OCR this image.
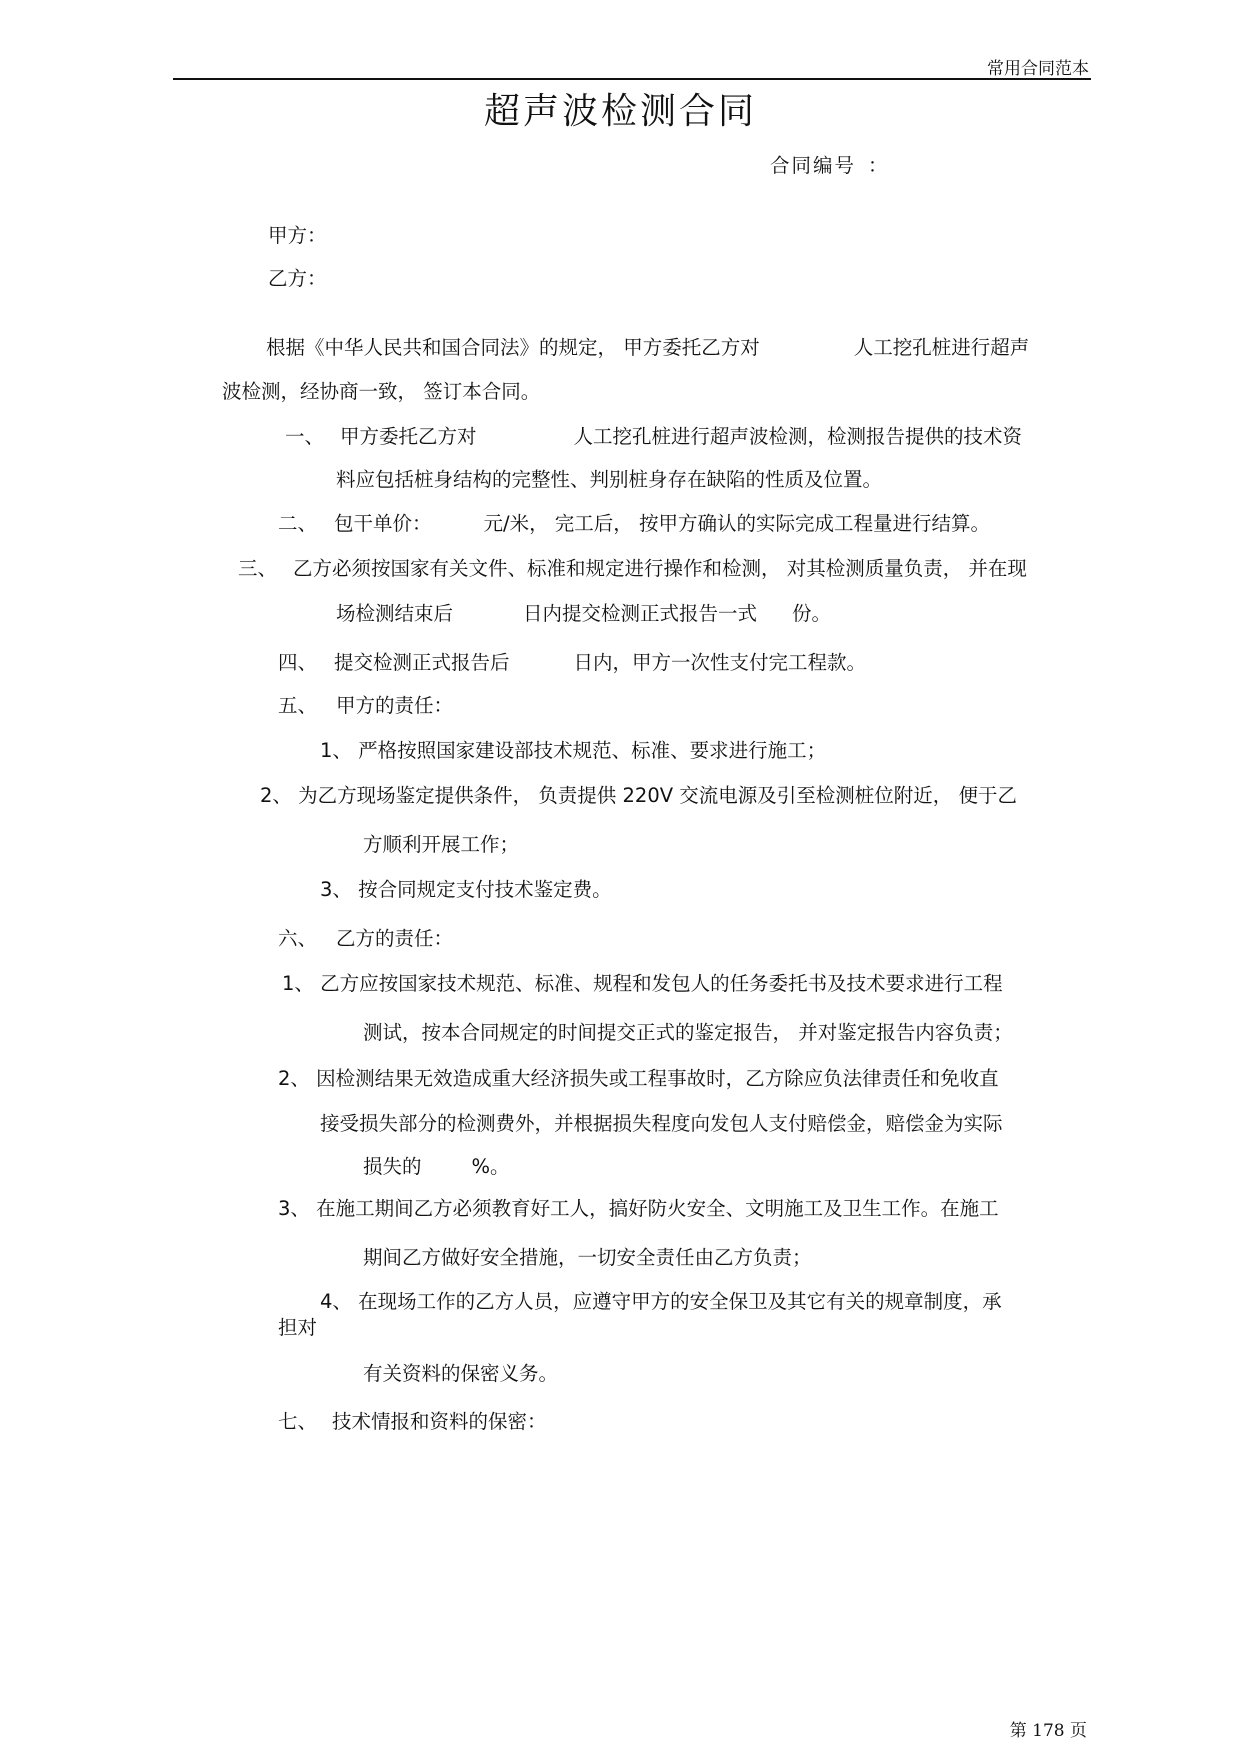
常用合同范本
超声波检测合同
合同编号 ：
甲方：
乙方：
根据《中华人民共和国合同法》的规定， 甲方委托乙方对	人工挖孔桩进行超声
波检测，经协商一致， 签订本合同。
一、 甲方委托乙方对	人工挖孔桩进行超声波检测，检测报告提供的技术资
料应包括桩身结构的完整性、判别桩身存在缺陷的性质及位置。
二、 包干单价：	元/米， 完工后， 按甲方确认的实际完成工程量进行结算。
三、 乙方必须按国家有关文件、标准和规定进行操作和检测， 对其检测质量负责， 并在现
场检测结束后	日内提交检测正式报告一式 份。
四、 提交检测正式报告后	日内，甲方一次性支付完工程款。
五、 甲方的责任：
1、 严格按照国家建设部技术规范、标准、要求进行施工；
2、 为乙方现场鉴定提供条件， 负责提供 220V 交流电源及引至检测桩位附近， 便于乙
方顺利开展工作；
3、 按合同规定支付技术鉴定费。
六、 乙方的责任：
1、 乙方应按国家技术规范、标准、规程和发包人的任务委托书及技术要求进行工程
测试，按本合同规定的时间提交正式的鉴定报告， 并对鉴定报告内容负责；
2、 因检测结果无效造成重大经济损失或工程事故时，乙方除应负法律责任和免收直
接受损失部分的检测费外，并根据损失程度向发包人支付赔偿金，赔偿金为实际
损失的	%。
3、 在施工期间乙方必须教育好工人，搞好防火安全、文明施工及卫生工作。在施工
期间乙方做好安全措施，一切安全责任由乙方负责；
4、 在现场工作的乙方人员，应遵守甲方的安全保卫及其它有关的规章制度，承
担对
有关资料的保密义务。
七、 技术情报和资料的保密：
第 178 页
